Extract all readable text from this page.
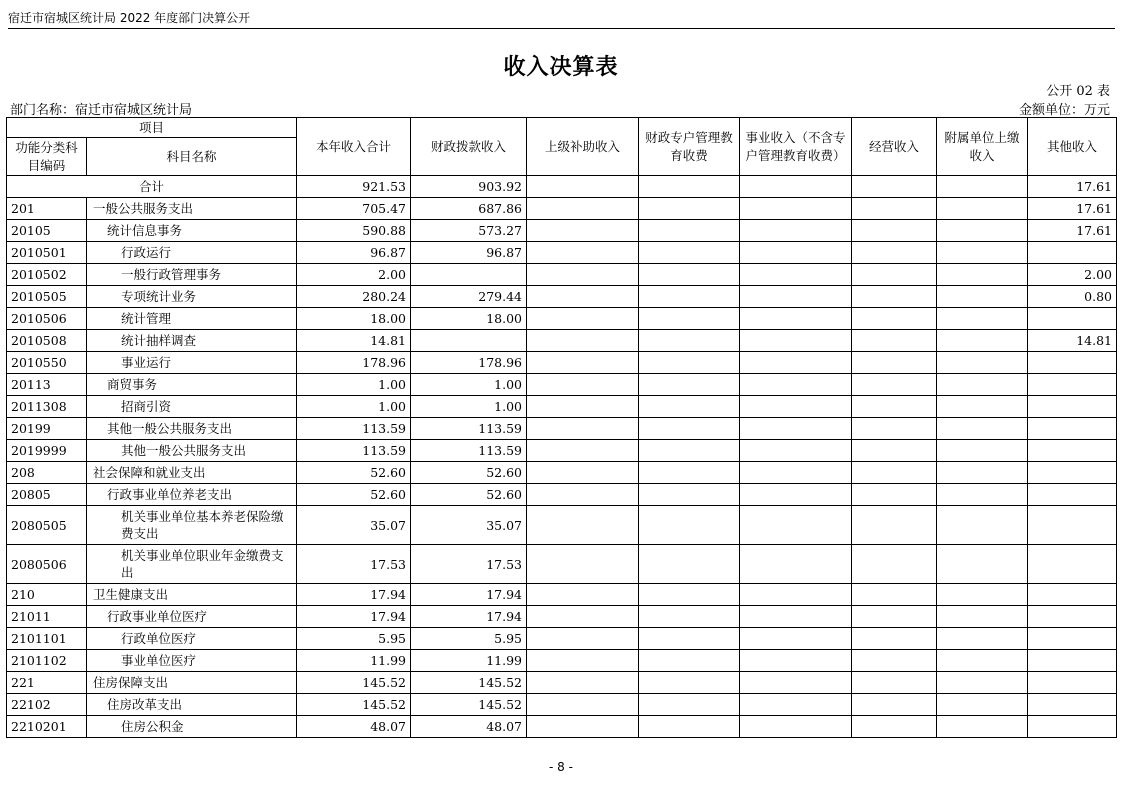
宿迁市宿城区统计局 2022 年度部门决算公开
收入决算表
公开 02 表
部门名称：宿迁市宿城区统计局	金额单位：万元
项目		本年收入合计	财政拨款收入	上级补助收入	财政专户管理教育收费	事业收入（不含专户管理教育收费）	经营收入	附属单位上缴收入	其他收入
功能分类科目编码	科目名称								
合计		921.53	903.92						17.61
201	一般公共服务支出	705.47	687.86						17.61
20105	统计信息事务	590.88	573.27						17.61
2010501	行政运行	96.87	96.87						
2010502	一般行政管理事务	2.00							2.00
2010505	专项统计业务	280.24	279.44						0.80
2010506	统计管理	18.00	18.00						
2010508	统计抽样调查	14.81							14.81
2010550	事业运行	178.96	178.96						
20113	商贸事务	1.00	1.00						
2011308	招商引资	1.00	1.00						
20199	其他一般公共服务支出	113.59	113.59						
2019999	其他一般公共服务支出	113.59	113.59						
208	社会保障和就业支出	52.60	52.60						
20805	行政事业单位养老支出	52.60	52.60						
2080505	机关事业单位基本养老保险缴费支出	35.07	35.07						
2080506	机关事业单位职业年金缴费支出	17.53	17.53						
210	卫生健康支出	17.94	17.94						
21011	行政事业单位医疗	17.94	17.94						
2101101	行政单位医疗	5.95	5.95						
2101102	事业单位医疗	11.99	11.99						
221	住房保障支出	145.52	145.52						
22102	住房改革支出	145.52	145.52						
2210201	住房公积金	48.07	48.07						
- 8 -
